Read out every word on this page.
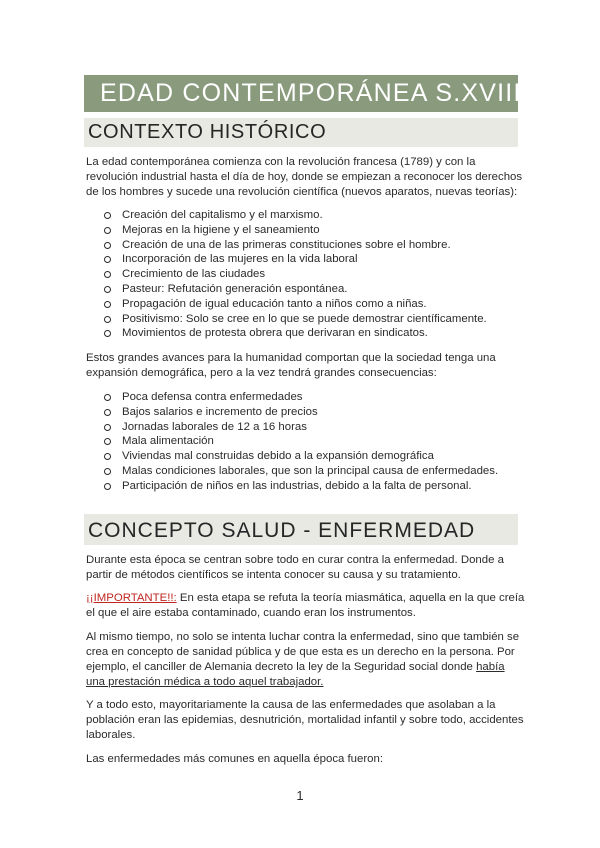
EDAD CONTEMPORÁNEA S.XVIII-XIX
CONTEXTO HISTÓRICO
La edad contemporánea comienza con la revolución francesa (1789) y con la
revolución industrial hasta el día de hoy, donde se empiezan a reconocer los derechos
de los hombres y sucede una revolución científica (nuevos aparatos, nuevas teorías):
Creación del capitalismo y el marxismo.
Mejoras en la higiene y el saneamiento
Creación de una de las primeras constituciones sobre el hombre.
Incorporación de las mujeres en la vida laboral
Crecimiento de las ciudades
Pasteur: Refutación generación espontánea.
Propagación de igual educación tanto a niños como a niñas.
Positivismo: Solo se cree en lo que se puede demostrar científicamente.
Movimientos de protesta obrera que derivaran en sindicatos.
Estos grandes avances para la humanidad comportan que la sociedad tenga una
expansión demográfica, pero a la vez tendrá grandes consecuencias:
Poca defensa contra enfermedades
Bajos salarios e incremento de precios
Jornadas laborales de 12 a 16 horas
Mala alimentación
Viviendas mal construidas debido a la expansión demográfica
Malas condiciones laborales, que son la principal causa de enfermedades.
Participación de niños en las industrias, debido a la falta de personal.
CONCEPTO SALUD - ENFERMEDAD
Durante esta época se centran sobre todo en curar contra la enfermedad. Donde a
partir de métodos científicos se intenta conocer su causa y su tratamiento.
¡¡IMPORTANTE!!: En esta etapa se refuta la teoría miasmática, aquella en la que creía
el que el aire estaba contaminado, cuando eran los instrumentos.
Al mismo tiempo, no solo se intenta luchar contra la enfermedad, sino que también se
crea en concepto de sanidad pública y de que esta es un derecho en la persona. Por
ejemplo, el canciller de Alemania decreto la ley de la Seguridad social donde había
una prestación médica a todo aquel trabajador.
Y a todo esto, mayoritariamente la causa de las enfermedades que asolaban a la
población eran las epidemias, desnutrición, mortalidad infantil y sobre todo, accidentes
laborales.
Las enfermedades más comunes en aquella época fueron:
1
